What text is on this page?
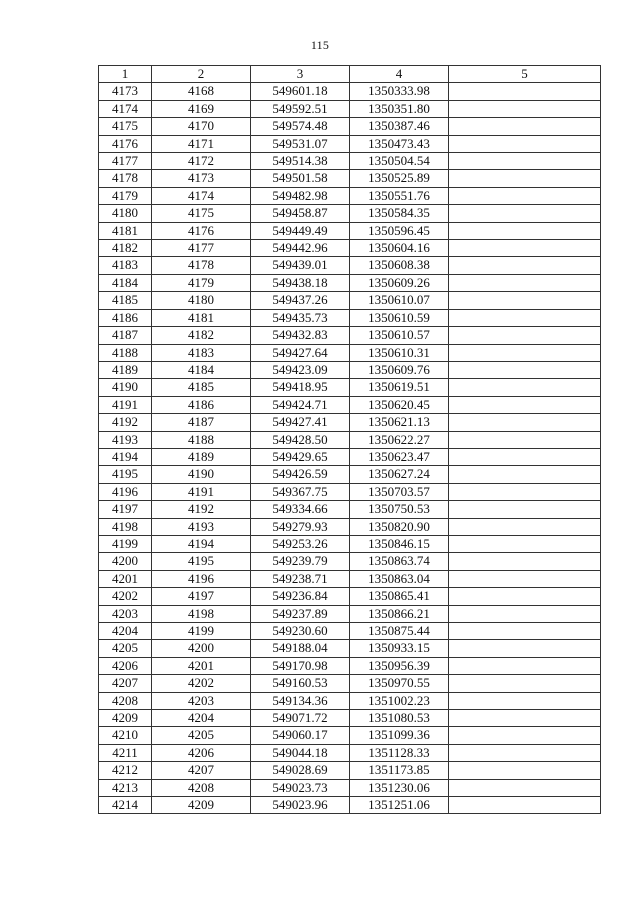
115
1	2	3	4	5
4173	4168	549601.18	1350333.98	
4174	4169	549592.51	1350351.80	
4175	4170	549574.48	1350387.46	
4176	4171	549531.07	1350473.43	
4177	4172	549514.38	1350504.54	
4178	4173	549501.58	1350525.89	
4179	4174	549482.98	1350551.76	
4180	4175	549458.87	1350584.35	
4181	4176	549449.49	1350596.45	
4182	4177	549442.96	1350604.16	
4183	4178	549439.01	1350608.38	
4184	4179	549438.18	1350609.26	
4185	4180	549437.26	1350610.07	
4186	4181	549435.73	1350610.59	
4187	4182	549432.83	1350610.57	
4188	4183	549427.64	1350610.31	
4189	4184	549423.09	1350609.76	
4190	4185	549418.95	1350619.51	
4191	4186	549424.71	1350620.45	
4192	4187	549427.41	1350621.13	
4193	4188	549428.50	1350622.27	
4194	4189	549429.65	1350623.47	
4195	4190	549426.59	1350627.24	
4196	4191	549367.75	1350703.57	
4197	4192	549334.66	1350750.53	
4198	4193	549279.93	1350820.90	
4199	4194	549253.26	1350846.15	
4200	4195	549239.79	1350863.74	
4201	4196	549238.71	1350863.04	
4202	4197	549236.84	1350865.41	
4203	4198	549237.89	1350866.21	
4204	4199	549230.60	1350875.44	
4205	4200	549188.04	1350933.15	
4206	4201	549170.98	1350956.39	
4207	4202	549160.53	1350970.55	
4208	4203	549134.36	1351002.23	
4209	4204	549071.72	1351080.53	
4210	4205	549060.17	1351099.36	
4211	4206	549044.18	1351128.33	
4212	4207	549028.69	1351173.85	
4213	4208	549023.73	1351230.06	
4214	4209	549023.96	1351251.06	
